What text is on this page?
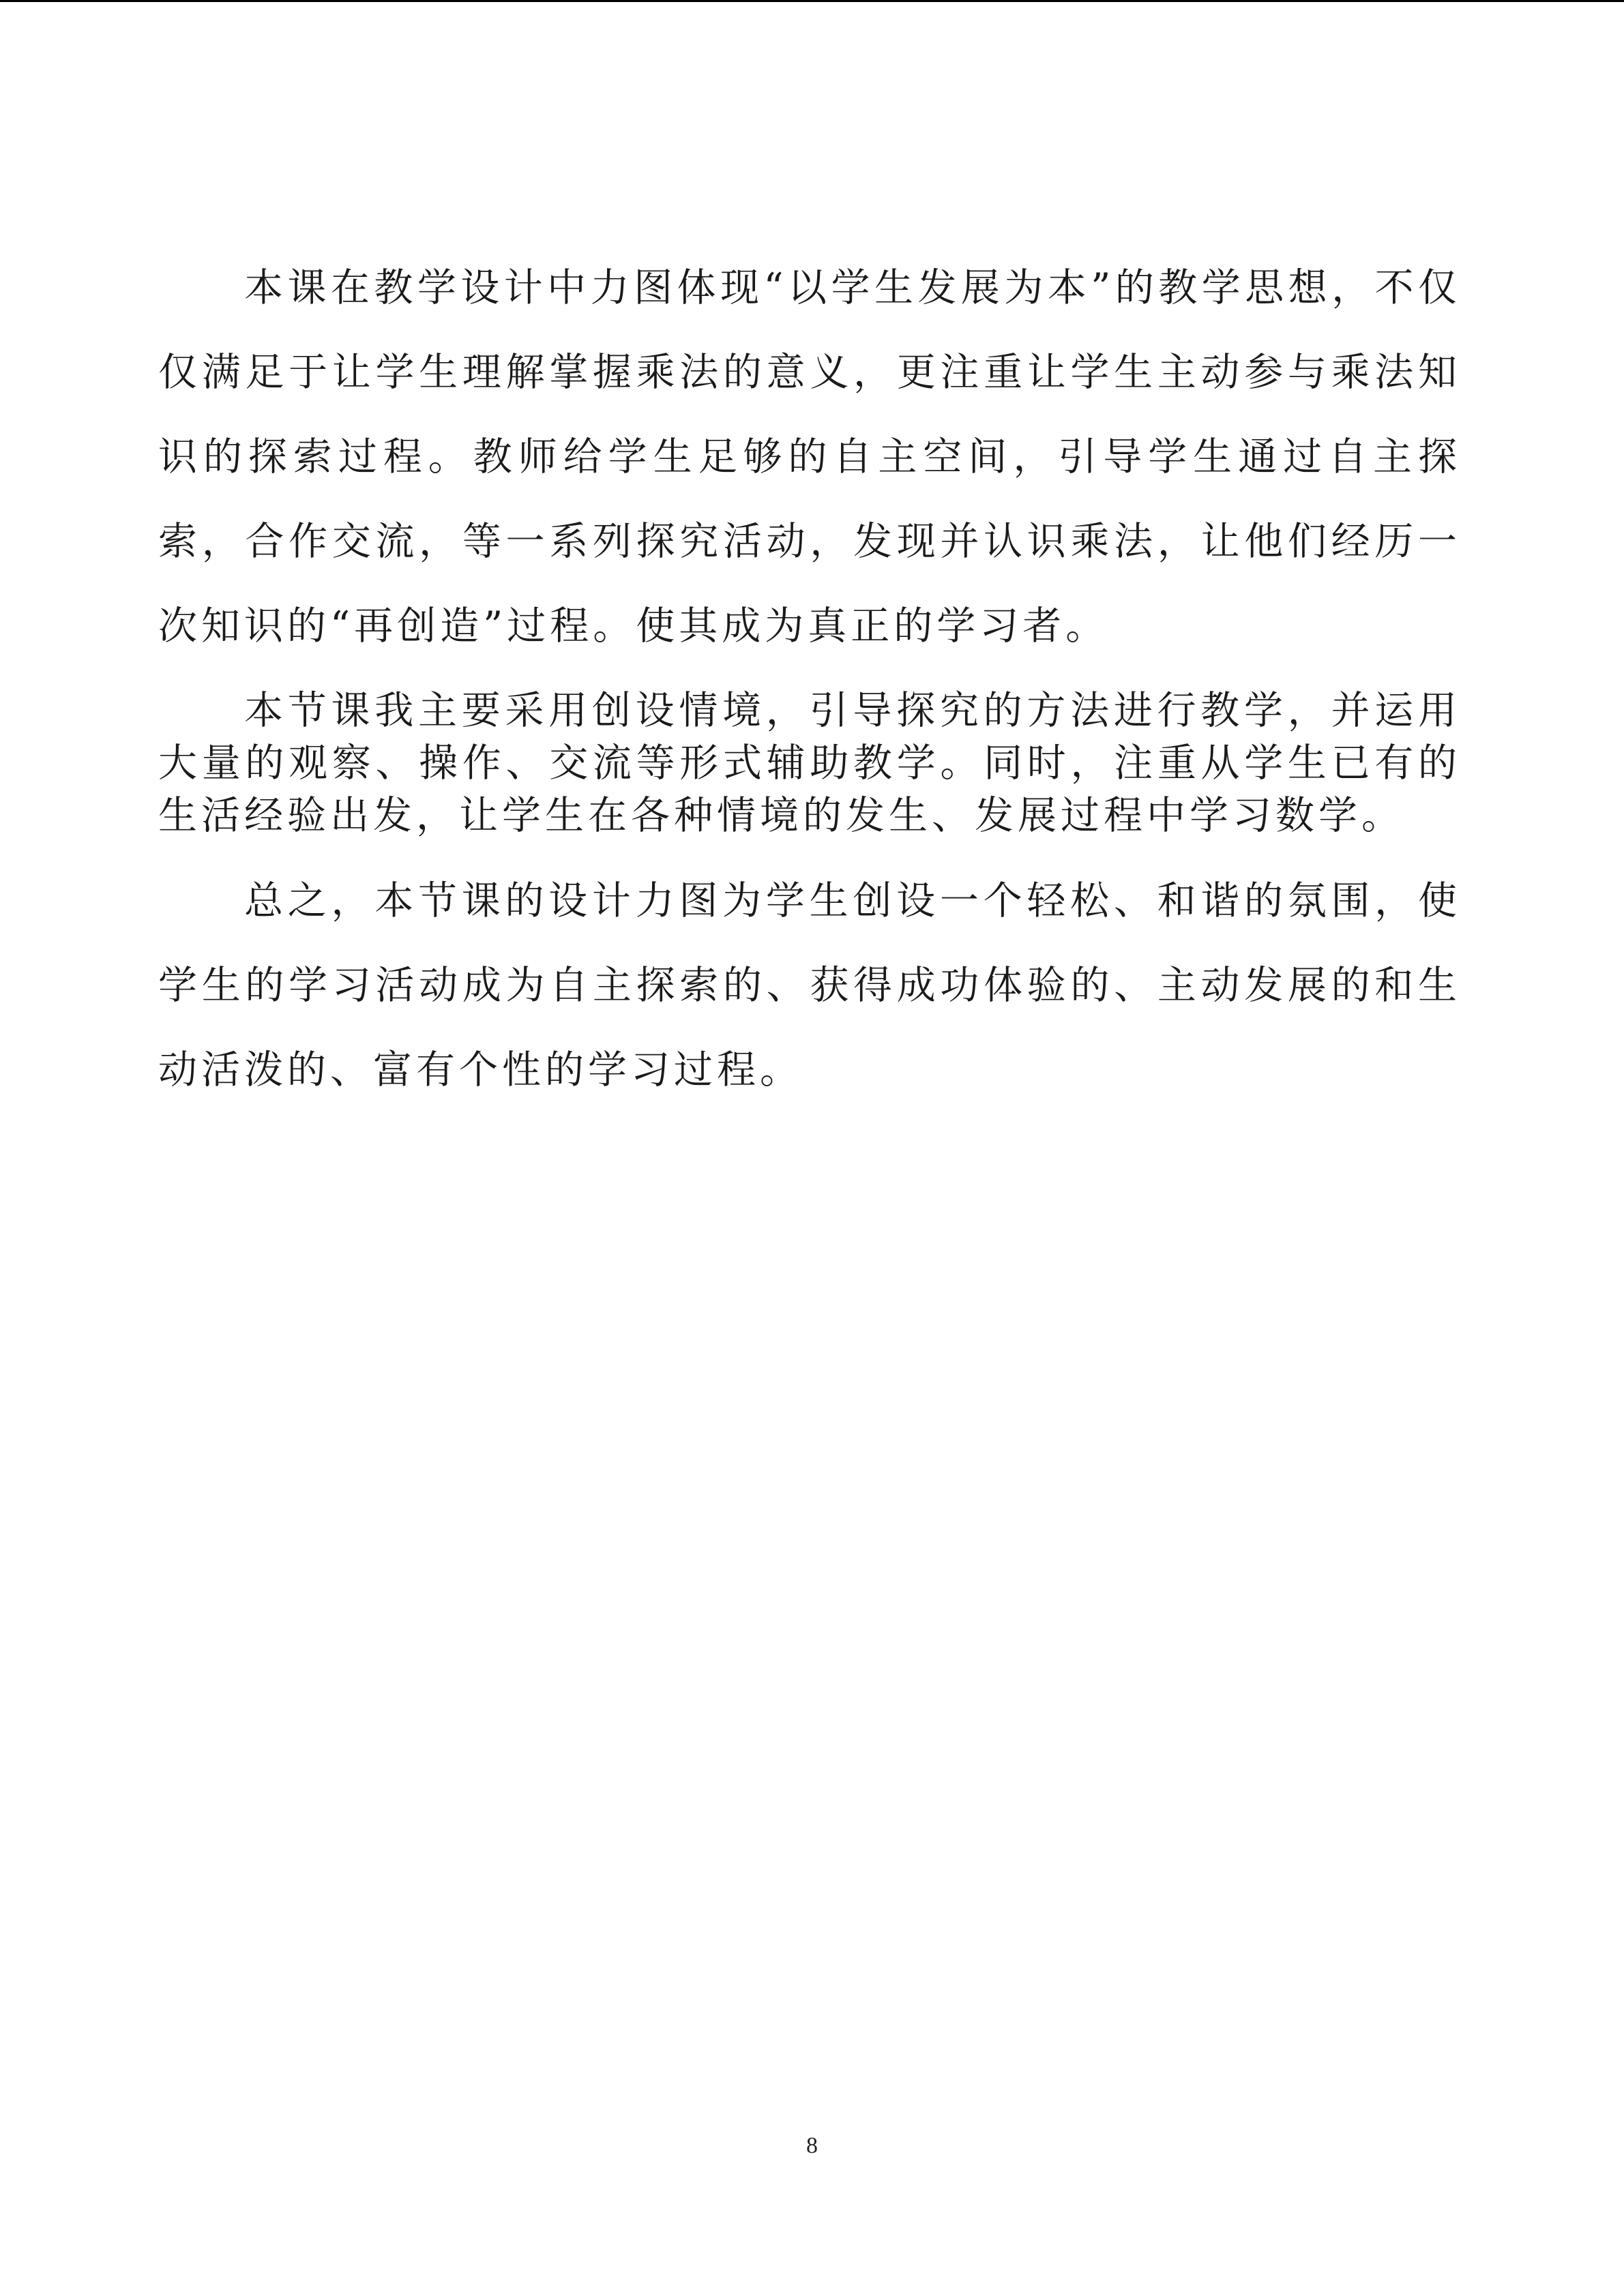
本课在教学设计中力图体现“以学生发展为本”的教学思想，不仅仅满足于让学生理解掌握乘法的意义，更注重让学生主动参与乘法知识的探索过程。教师给学生足够的自主空间，引导学生通过自主探索，合作交流，等一系列探究活动，发现并认识乘法，让他们经历一次知识的“再创造”过程。使其成为真正的学习者。

本节课我主要采用创设情境，引导探究的方法进行教学，并运用大量的观察、操作、交流等形式辅助教学。同时，注重从学生已有的生活经验出发，让学生在各种情境的发生、发展过程中学习数学。

总之，本节课的设计力图为学生创设一个轻松、和谐的氛围，使学生的学习活动成为自主探索的、获得成功体验的、主动发展的和生动活泼的、富有个性的学习过程。

8
